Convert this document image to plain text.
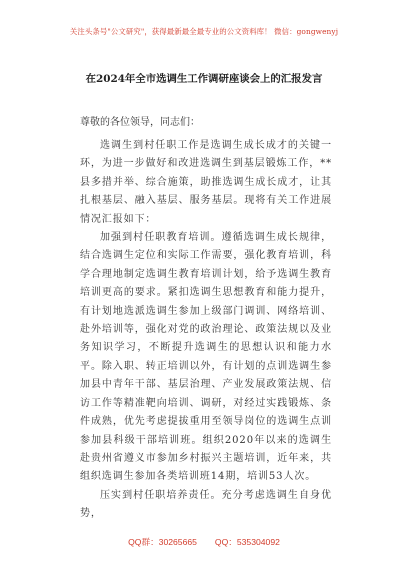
关注头条号"公文研究"，获得最新最全最专业的公文资料库！ 微信：gongwenyj
在2024年全市选调生工作调研座谈会上的汇报发言

尊敬的各位领导，同志们：

选调生到村任职工作是选调生成长成才的关键一环，为进一步做好和改进选调生到基层锻炼工作，**县多措并举、综合施策，助推选调生成长成才，让其扎根基层、融入基层、服务基层。现将有关工作进展情况汇报如下：

加强到村任职教育培训。遵循选调生成长规律，结合选调生定位和实际工作需要，强化教育培训，科学合理地制定选调生教育培训计划，给予选调生教育培训更高的要求。紧扣选调生思想教育和能力提升，有计划地选派选调生参加上级部门调训、网络培训、赴外培训等，强化对党的政治理论、政策法规以及业务知识学习，不断提升选调生的思想认识和能力水平。除入职、转正培训以外，有计划的点训选调生参加县中青年干部、基层治理、产业发展政策法规、信访工作等精准靶向培训、调研，对经过实践锻炼、条件成熟，优先考虑提拔重用至领导岗位的选调生点训参加县科级干部培训班。组织2020年以来的选调生赴贵州省遵义市参加乡村振兴主题培训，近年来，共组织选调生参加各类培训班14期，培训53人次。

压实到村任职培养责任。充分考虑选调生自身优势，

QQ群：30265665 QQ：535304092
